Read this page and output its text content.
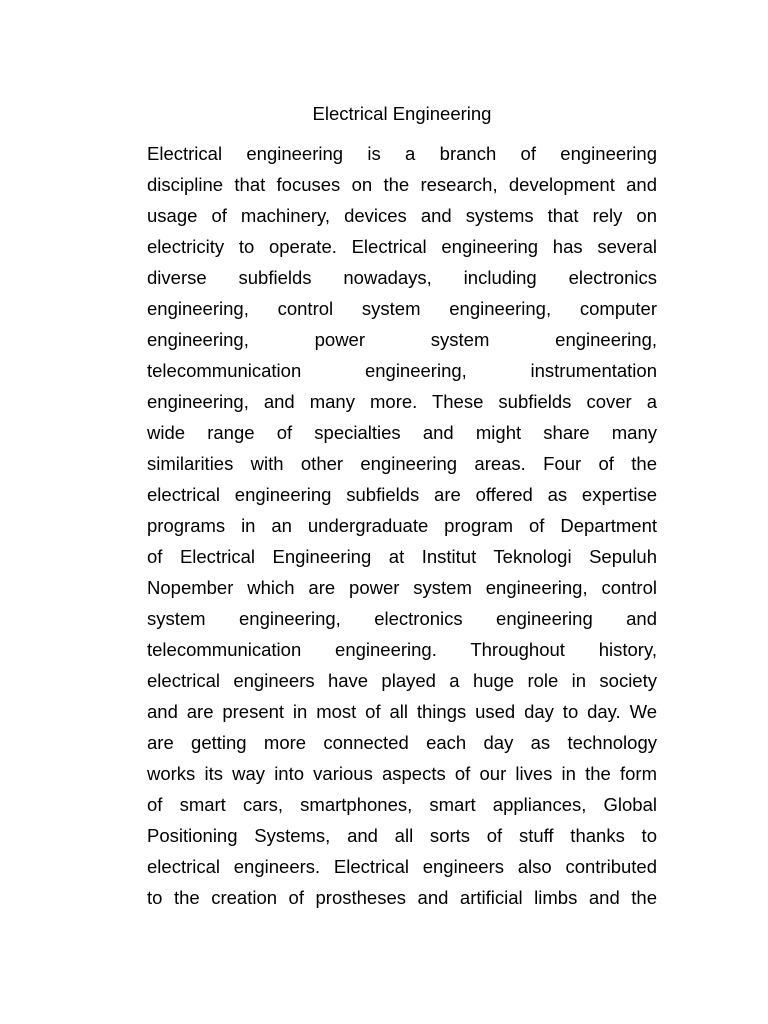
Electrical Engineering
Electrical engineering is a branch of engineering
discipline that focuses on the research, development and
usage of machinery, devices and systems that rely on
electricity to operate. Electrical engineering has several
diverse subfields nowadays, including electronics
engineering, control system engineering, computer
engineering, power system engineering,
telecommunication engineering, instrumentation
engineering, and many more. These subfields cover a
wide range of specialties and might share many
similarities with other engineering areas. Four of the
electrical engineering subfields are offered as expertise
programs in an undergraduate program of Department
of Electrical Engineering at Institut Teknologi Sepuluh
Nopember which are power system engineering, control
system engineering, electronics engineering and
telecommunication engineering. Throughout history,
electrical engineers have played a huge role in society
and are present in most of all things used day to day. We
are getting more connected each day as technology
works its way into various aspects of our lives in the form
of smart cars, smartphones, smart appliances, Global
Positioning Systems, and all sorts of stuff thanks to
electrical engineers. Electrical engineers also contributed
to the creation of prostheses and artificial limbs and the
